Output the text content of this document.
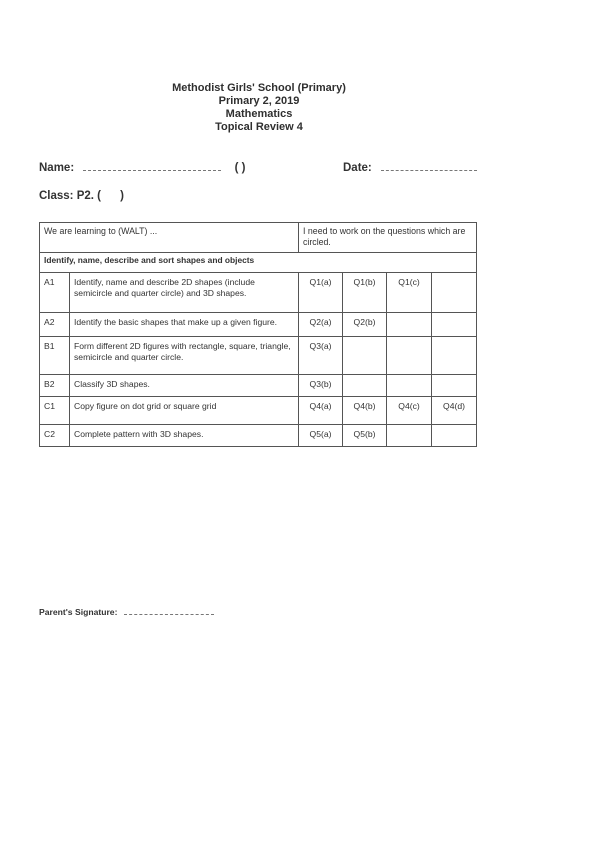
Methodist Girls' School (Primary)
Primary 2, 2019
Mathematics
Topical Review 4
Name:	( )	Date:
Class: P2. (      )
We are learning to (WALT) ...		I need to work on the questions which are circled.			
Identify, name, describe and sort shapes and objects					
A1	Identify, name and describe 2D shapes (include semicircle and quarter circle) and 3D shapes.	Q1(a)	Q1(b)	Q1(c)	
A2	Identify the basic shapes that make up a given figure.	Q2(a)	Q2(b)		
B1	Form different 2D figures with rectangle, square, triangle, semicircle and quarter circle.	Q3(a)			
B2	Classify 3D shapes.	Q3(b)			
C1	Copy figure on dot grid or square grid	Q4(a)	Q4(b)	Q4(c)	Q4(d)
C2	Complete pattern with 3D shapes.	Q5(a)	Q5(b)		
Parent's Signature:
